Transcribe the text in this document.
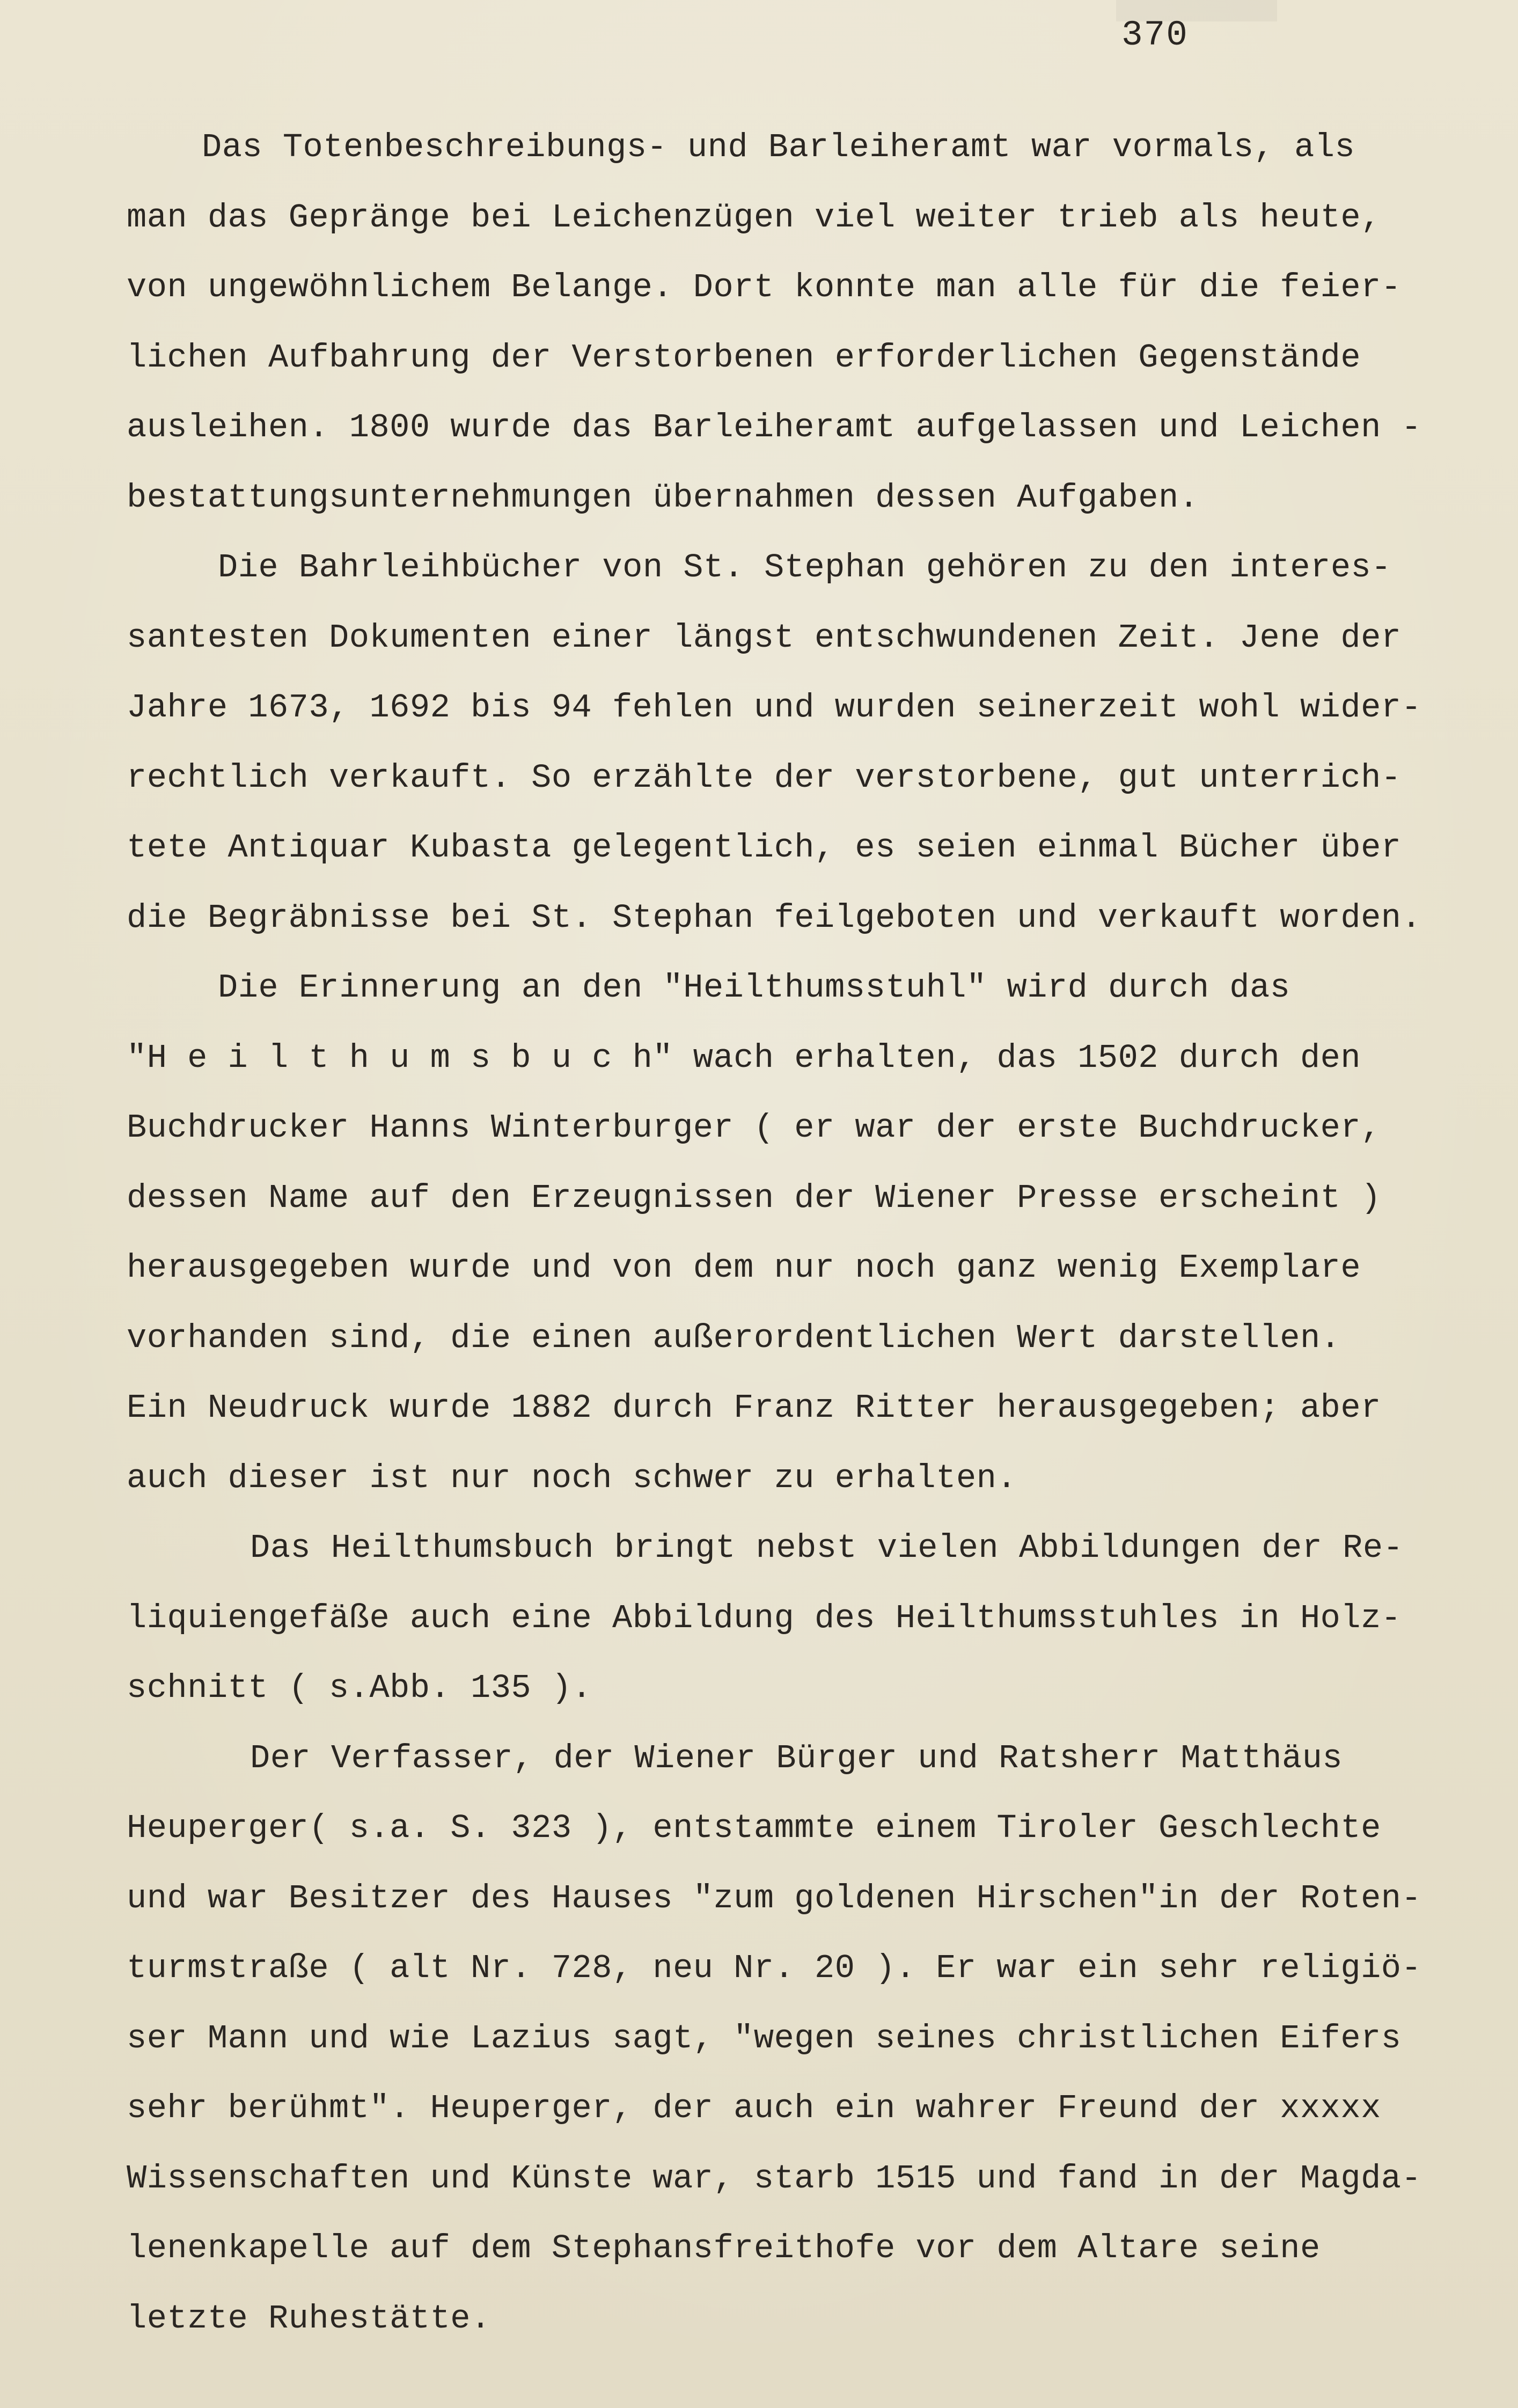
370
Das Totenbeschreibungs- und Barleiheramt war vormals, als
man das Gepränge bei Leichenzügen viel weiter trieb als heute,
von ungewöhnlichem Belange. Dort konnte man alle für die feier-
lichen Aufbahrung der Verstorbenen erforderlichen Gegenstände
ausleihen. 1800 wurde das Barleiheramt aufgelassen und Leichen -
bestattungsunternehmungen übernahmen dessen Aufgaben.
Die Bahrleihbücher von St. Stephan gehören zu den interes-
santesten Dokumenten einer längst entschwundenen Zeit. Jene der
Jahre 1673, 1692 bis 94 fehlen und wurden seinerzeit wohl wider-
rechtlich verkauft. So erzählte der verstorbene, gut unterrich-
tete Antiquar Kubasta gelegentlich, es seien einmal Bücher über
die Begräbnisse bei St. Stephan feilgeboten und verkauft worden.
Die Erinnerung an den "Heilthumsstuhl" wird durch das
"H e i l t h u m s b u c h" wach erhalten, das 1502 durch den
Buchdrucker Hanns Winterburger ( er war der erste Buchdrucker,
dessen Name auf den Erzeugnissen der Wiener Presse erscheint )
herausgegeben wurde und von dem nur noch ganz wenig Exemplare
vorhanden sind, die einen außerordentlichen Wert darstellen.
Ein Neudruck wurde 1882 durch Franz Ritter herausgegeben; aber
auch dieser ist nur noch schwer zu erhalten.
Das Heilthumsbuch bringt nebst vielen Abbildungen der Re-
liquiengefäße auch eine Abbildung des Heilthumsstuhles in Holz-
schnitt ( s.Abb. 135 ).
Der Verfasser, der Wiener Bürger und Ratsherr Matthäus
Heuperger( s.a. S. 323 ), entstammte einem Tiroler Geschlechte
und war Besitzer des Hauses "zum goldenen Hirschen"in der Roten-
turmstraße ( alt Nr. 728, neu Nr. 20 ). Er war ein sehr religiö-
ser Mann und wie Lazius sagt, "wegen seines christlichen Eifers
sehr berühmt". Heuperger, der auch ein wahrer Freund der xxxxx
Wissenschaften und Künste war, starb 1515 und fand in der Magda-
lenenkapelle auf dem Stephansfreithofe vor dem Altare seine
letzte Ruhestätte.
